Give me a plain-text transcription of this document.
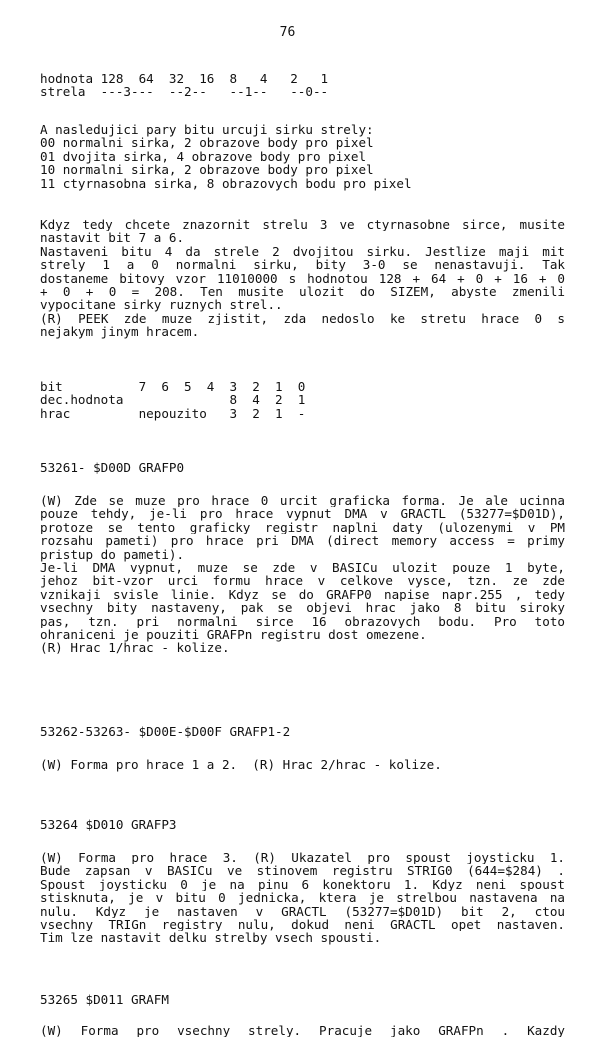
76
hodnota 128  64  32  16  8   4   2   1
strela  ---3---  --2--   --1--   --0--
A nasledujici pary bitu urcuji sirku strely:
00 normalni sirka, 2 obrazove body pro pixel
01 dvojita sirka, 4 obrazove body pro pixel
10 normalni sirka, 2 obrazove body pro pixel
11 ctyrnasobna sirka, 8 obrazovych bodu pro pixel
Kdyz tedy chcete znazornit strelu 3 ve ctyrnasobne sirce, musite
nastavit bit 7 a 6.
Nastaveni bitu 4 da strele 2 dvojitou sirku. Jestlize maji mit
strely 1 a 0 normalni sirku, bity 3-0 se nenastavuji. Tak
dostaneme bitovy vzor 11010000 s hodnotou 128 + 64 + 0 + 16 + 0
+ 0 + 0 = 208. Ten musite ulozit do SIZEM, abyste zmenili
vypocitane sirky ruznych strel..
(R) PEEK zde muze zjistit, zda nedoslo ke stretu hrace 0 s
nejakym jinym hracem.
bit          7  6  5  4  3  2  1  0
dec.hodnota              8  4  2  1
hrac         nepouzito   3  2  1  -
53261- $D00D GRAFP0
(W) Zde se muze pro hrace 0 urcit graficka forma. Je ale ucinna
pouze tehdy, je-li pro hrace vypnut DMA v GRACTL (53277=$D01D),
protoze se tento graficky registr naplni daty (ulozenymi v PM
rozsahu pameti) pro hrace pri DMA (direct memory access = primy
pristup do pameti).
Je-li DMA vypnut, muze se zde v BASICu ulozit pouze 1 byte,
jehoz bit-vzor urci formu hrace v celkove vysce, tzn. ze zde
vznikaji svisle linie. Kdyz se do GRAFP0 napise napr.255 , tedy
vsechny bity nastaveny, pak se objevi hrac jako 8 bitu siroky
pas, tzn. pri normalni sirce 16 obrazovych bodu. Pro toto
ohraniceni je pouziti GRAFPn registru dost omezene.
(R) Hrac 1/hrac - kolize.
53262-53263- $D00E-$D00F GRAFP1-2
(W) Forma pro hrace 1 a 2.  (R) Hrac 2/hrac - kolize.
53264 $D010 GRAFP3
(W) Forma pro hrace 3. (R) Ukazatel pro spoust joysticku 1.
Bude zapsan v BASICu ve stinovem registru STRIG0 (644=$284) .
Spoust joysticku 0 je na pinu 6 konektoru 1. Kdyz neni spoust
stisknuta, je v bitu 0 jednicka, ktera je strelbou nastavena na
nulu. Kdyz je nastaven v GRACTL (53277=$D01D) bit 2, ctou
vsechny TRIGn registry nulu, dokud neni GRACTL opet nastaven.
Tim lze nastavit delku strelby vsech spousti.
53265 $D011 GRAFM
(W) Forma pro vsechny strely. Pracuje jako GRAFPn . Kazdy
